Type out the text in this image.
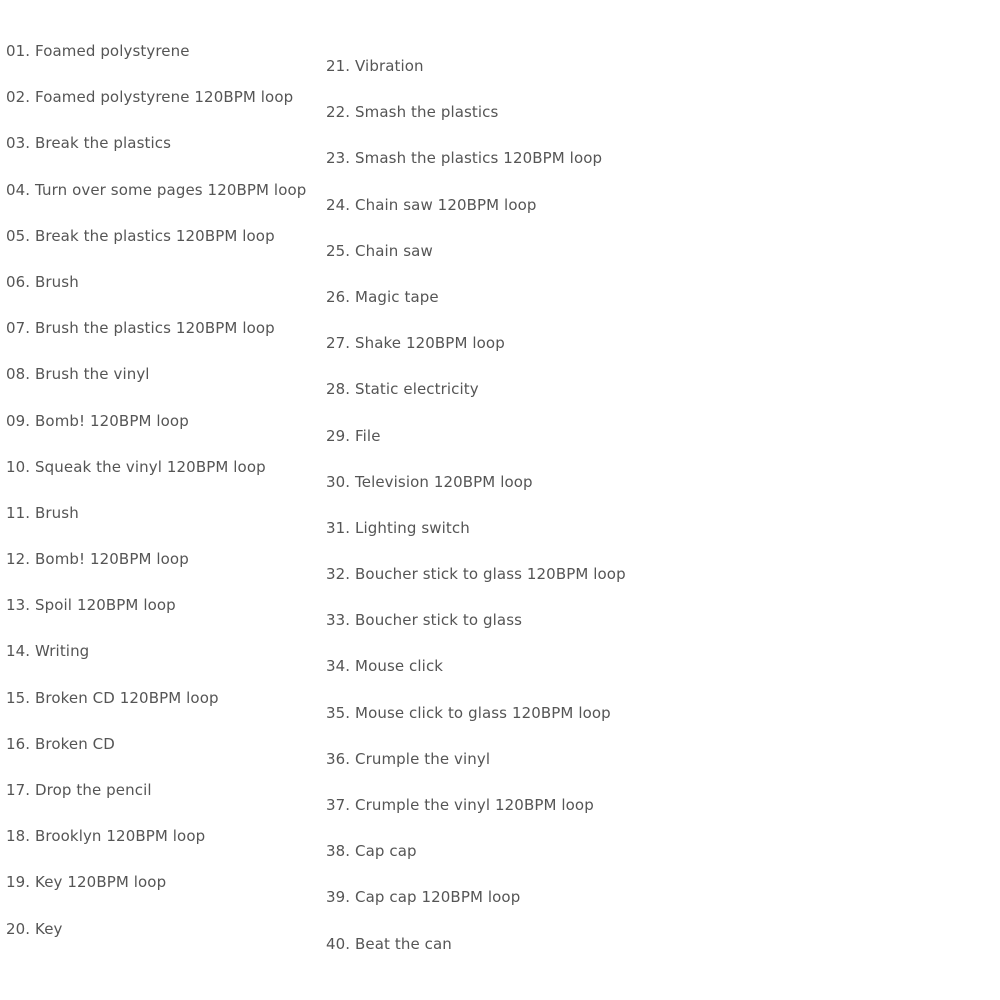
01. Foamed polystyrene
02. Foamed polystyrene 120BPM loop
03. Break the plastics
04. Turn over some pages 120BPM loop
05. Break the plastics 120BPM loop
06. Brush
07. Brush the plastics 120BPM loop
08. Brush the vinyl
09. Bomb! 120BPM loop
10. Squeak the vinyl 120BPM loop
11. Brush
12. Bomb! 120BPM loop
13. Spoil 120BPM loop
14. Writing
15. Broken CD 120BPM loop
16. Broken CD
17. Drop the pencil
18. Brooklyn 120BPM loop
19. Key 120BPM loop
20. Key
21. Vibration
22. Smash the plastics
23. Smash the plastics 120BPM loop
24. Chain saw 120BPM loop
25. Chain saw
26. Magic tape
27. Shake 120BPM loop
28. Static electricity
29. File
30. Television 120BPM loop
31. Lighting switch
32. Boucher stick to glass 120BPM loop
33. Boucher stick to glass
34. Mouse click
35. Mouse click to glass 120BPM loop
36. Crumple the vinyl
37. Crumple the vinyl 120BPM loop
38. Cap cap
39. Cap cap 120BPM loop
40. Beat the can
